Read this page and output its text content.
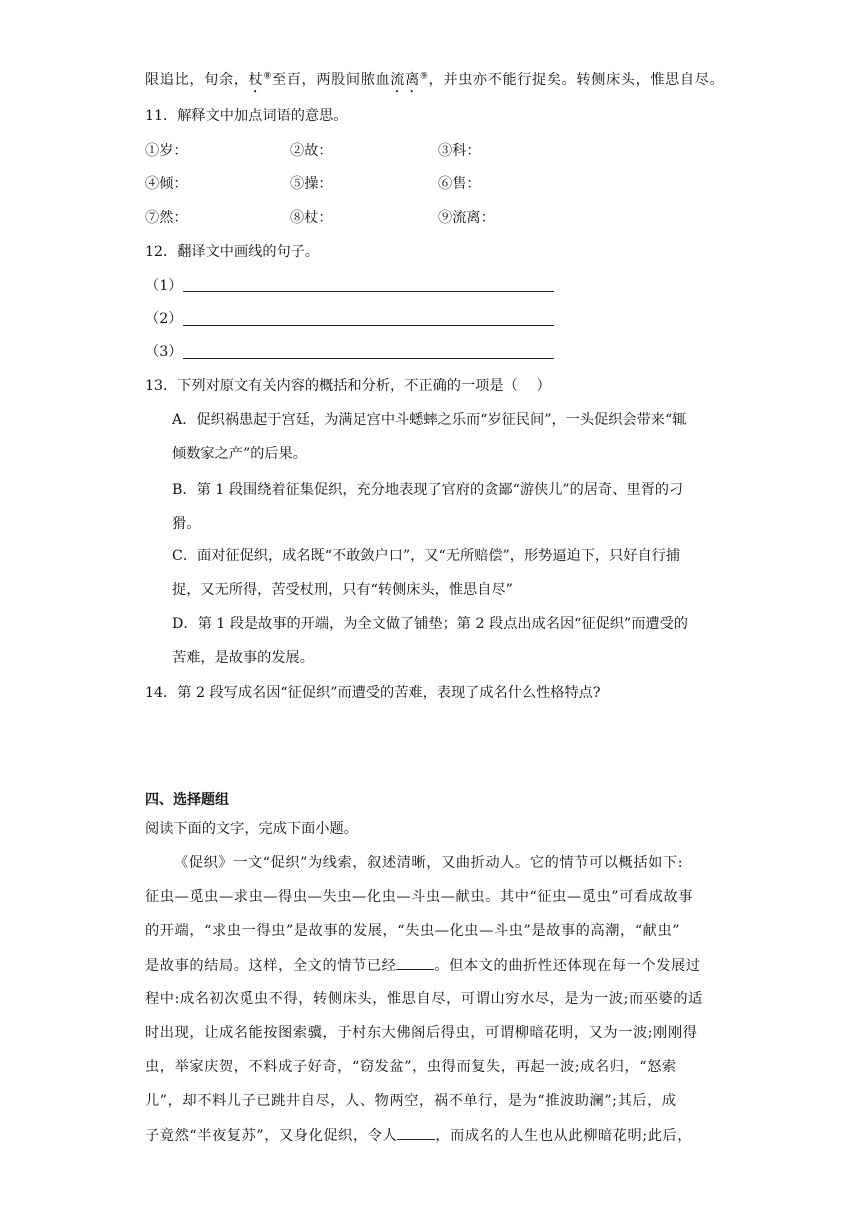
限追比，旬余，杖⑧至百，两股间脓血流离⑨，并虫亦不能行捉矣。转侧床头，惟思自尽。
11．解释文中加点词语的意思。
①岁：	②故：	③科：
④倾：	⑤操：	⑥售：
⑦然：	⑧杖：	⑨流离：
12．翻译文中画线的句子。
（1）
（2）
（3）
13．下列对原文有关内容的概括和分析，不正确的一项是（　 ）
A．促织祸患起于宫廷，为满足宫中斗蟋蟀之乐而“岁征民间”，一头促织会带来“辄
倾数家之产”的后果。
B．第 1 段围绕着征集促织，充分地表现了官府的贪鄙“游侠儿”的居奇、里胥的刁
猾。
C．面对征促织，成名既“不敢敛户口”，又“无所赔偿”，形势逼迫下，只好自行捕
捉，又无所得，苦受杖刑，只有“转侧床头，惟思自尽”
D．第 1 段是故事的开端，为全文做了铺垫；第 2 段点出成名因“征促织”而遭受的
苦难，是故事的发展。
14．第 2 段写成名因“征促织”而遭受的苦难，表现了成名什么性格特点?
四、选择题组
阅读下面的文字，完成下面小题。
《促织》一文“促织”为线索，叙述清晰，又曲折动人。它的情节可以概括如下:
征虫—觅虫—求虫—得虫—失虫—化虫—斗虫—献虫。其中“征虫—觅虫”可看成故事
的开端，“求虫一得虫”是故事的发展，“失虫—化虫—斗虫”是故事的高潮，“献虫”
是故事的结局。这样，全文的情节已经	。但本文的曲折性还体现在每一个发展过
程中:成名初次觅虫不得，转侧床头，惟思自尽，可谓山穷水尽，是为一波;而巫婆的适
时出现，让成名能按图索骥，于村东大佛阁后得虫，可谓柳暗花明，又为一波;刚刚得
虫，举家庆贺，不料成子好奇，“窃发盆”，虫得而复失，再起一波;成名归，“怒索
儿”，却不料儿子已跳井自尽，人、物两空，祸不单行，是为“推波助澜”;其后，成
子竟然“半夜复苏”，又身化促织，令人	，而成名的人生也从此柳暗花明;此后，
